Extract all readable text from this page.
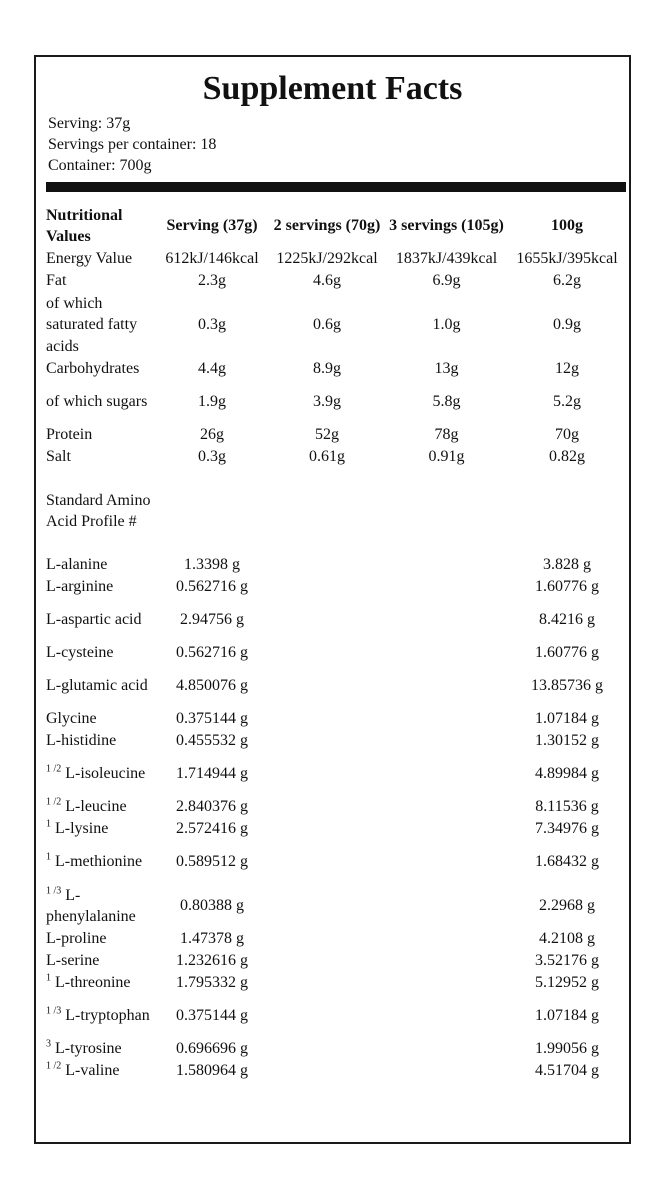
Supplement Facts
Serving: 37g
Servings per container: 18
Container: 700g
Nutritional Values	Serving (37g)	2 servings (70g)	3 servings (105g)	100g
Energy Value	612kJ/146kcal	1225kJ/292kcal	1837kJ/439kcal	1655kJ/395kcal
Fat	2.3g	4.6g	6.9g	6.2g
of which saturated fatty acids	0.3g	0.6g	1.0g	0.9g
Carbohydrates	4.4g	8.9g	13g	12g
of which sugars	1.9g	3.9g	5.8g	5.2g
Protein	26g	52g	78g	70g
Salt	0.3g	0.61g	0.91g	0.82g
Standard Amino Acid Profile #				
L-alanine	1.3398 g			3.828 g
L-arginine	0.562716 g			1.60776 g
L-aspartic acid	2.94756 g			8.4216 g
L-cysteine	0.562716 g			1.60776 g
L-glutamic acid	4.850076 g			13.85736 g
Glycine	0.375144 g			1.07184 g
L-histidine	0.455532 g			1.30152 g
$^{1 /2}$ L-isoleucine	1.714944 g			4.89984 g
$^{1 /2}$ L-leucine	2.840376 g			8.11536 g
$^1$ L-lysine	2.572416 g			7.34976 g
$^1$ L-methionine	0.589512 g			1.68432 g
$^{1 /3}$ L-phenylalanine	0.80388 g			2.2968 g
L-proline	1.47378 g			4.2108 g
L-serine	1.232616 g			3.52176 g
$^1$ L-threonine	1.795332 g			5.12952 g
$^{1 /3}$ L-tryptophan	0.375144 g			1.07184 g
$^3$ L-tyrosine	0.696696 g			1.99056 g
$^{1 /2}$ L-valine	1.580964 g			4.51704 g
